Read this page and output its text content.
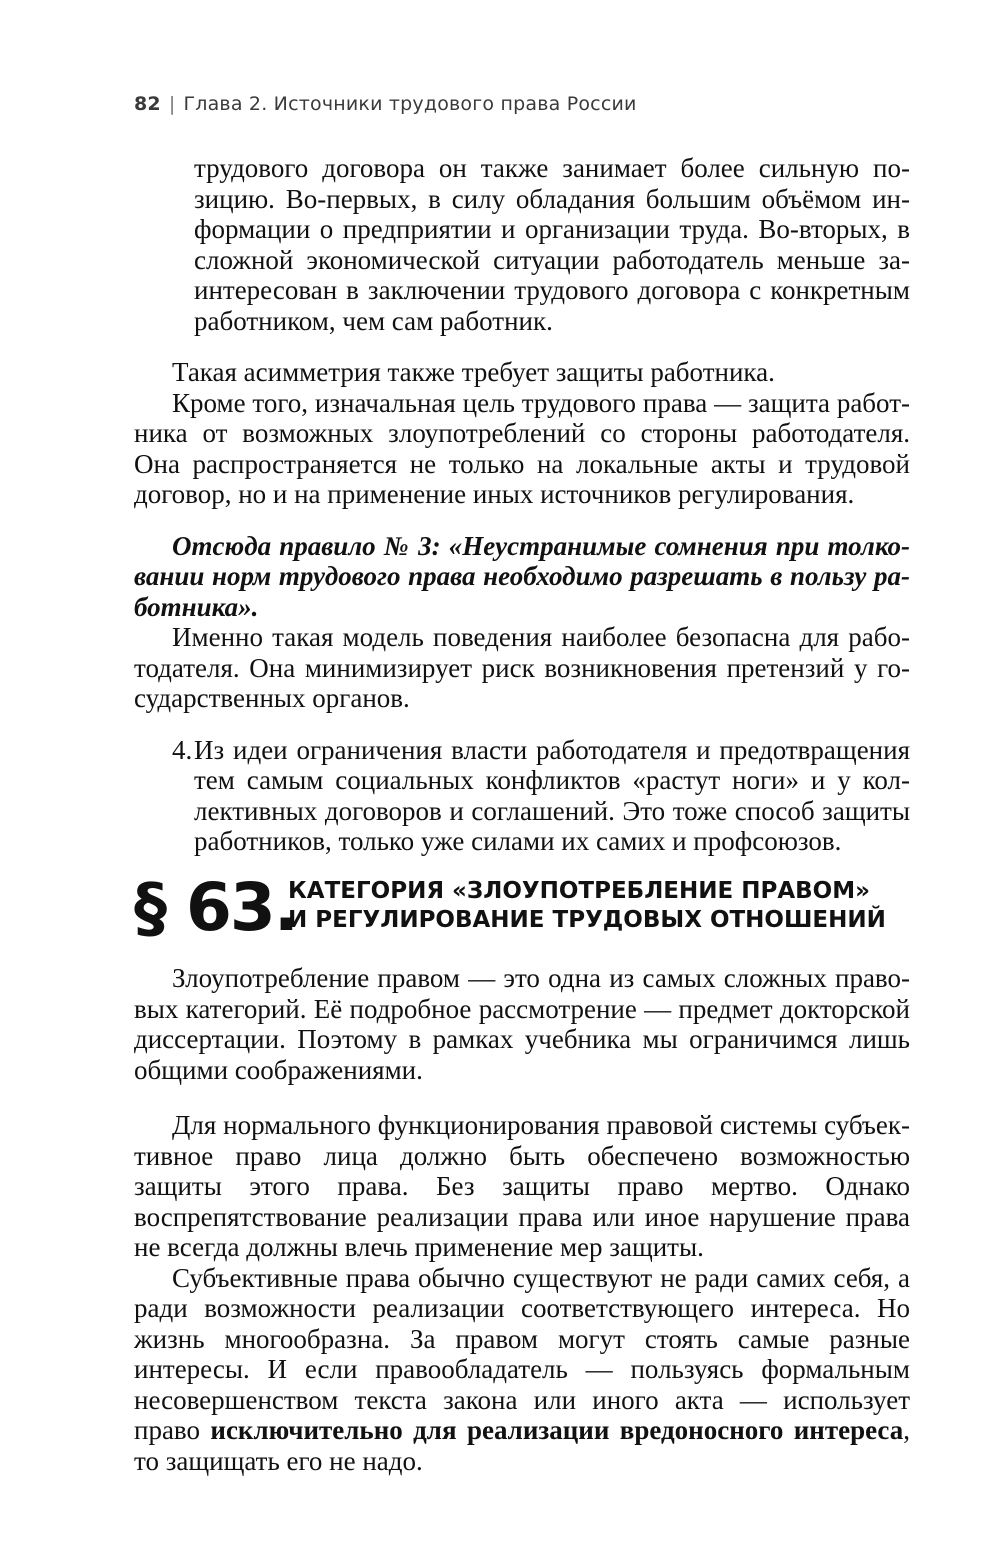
82 | Глава 2. Источники трудового права России

трудового договора он также занимает более сильную позицию. Во-первых, в силу обладания большим объёмом информации о предприятии и организации труда. Во-вторых, в сложной экономической ситуации работодатель меньше заинтересован в заключении трудового договора с конкретным работником, чем сам работник.

Такая асимметрия также требует защиты работника.

Кроме того, изначальная цель трудового права — защита работника от возможных злоупотреблений со стороны работодателя. Она распространяется не только на локальные акты и трудовой договор, но и на применение иных источников регулирования.

Отсюда правило № 3: «Неустранимые сомнения при толковании норм трудового права необходимо разрешать в пользу работника».

Именно такая модель поведения наиболее безопасна для работодателя. Она минимизирует риск возникновения претензий у государственных органов.

4. Из идеи ограничения власти работодателя и предотвращения тем самым социальных конфликтов «растут ноги» и у коллективных договоров и соглашений. Это тоже способ защиты работников, только уже силами их самих и профсоюзов.

§ 63.
КАТЕГОРИЯ «ЗЛОУПОТРЕБЛЕНИЕ ПРАВОМ»
И РЕГУЛИРОВАНИЕ ТРУДОВЫХ ОТНОШЕНИЙ

Злоупотребление правом — это одна из самых сложных правовых категорий. Её подробное рассмотрение — предмет докторской диссертации. Поэтому в рамках учебника мы ограничимся лишь общими соображениями.

Для нормального функционирования правовой системы субъективное право лица должно быть обеспечено возможностью защиты этого права. Без защиты право мертво. Однако воспрепятствование реализации права или иное нарушение права не всегда должны влечь применение мер защиты.

Субъективные права обычно существуют не ради самих себя, а ради возможности реализации соответствующего интереса. Но жизнь многообразна. За правом могут стоять самые разные интересы. И если правообладатель — пользуясь формальным несовершенством текста закона или иного акта — использует право исключительно для реализации вредоносного интереса, то защищать его не надо.
